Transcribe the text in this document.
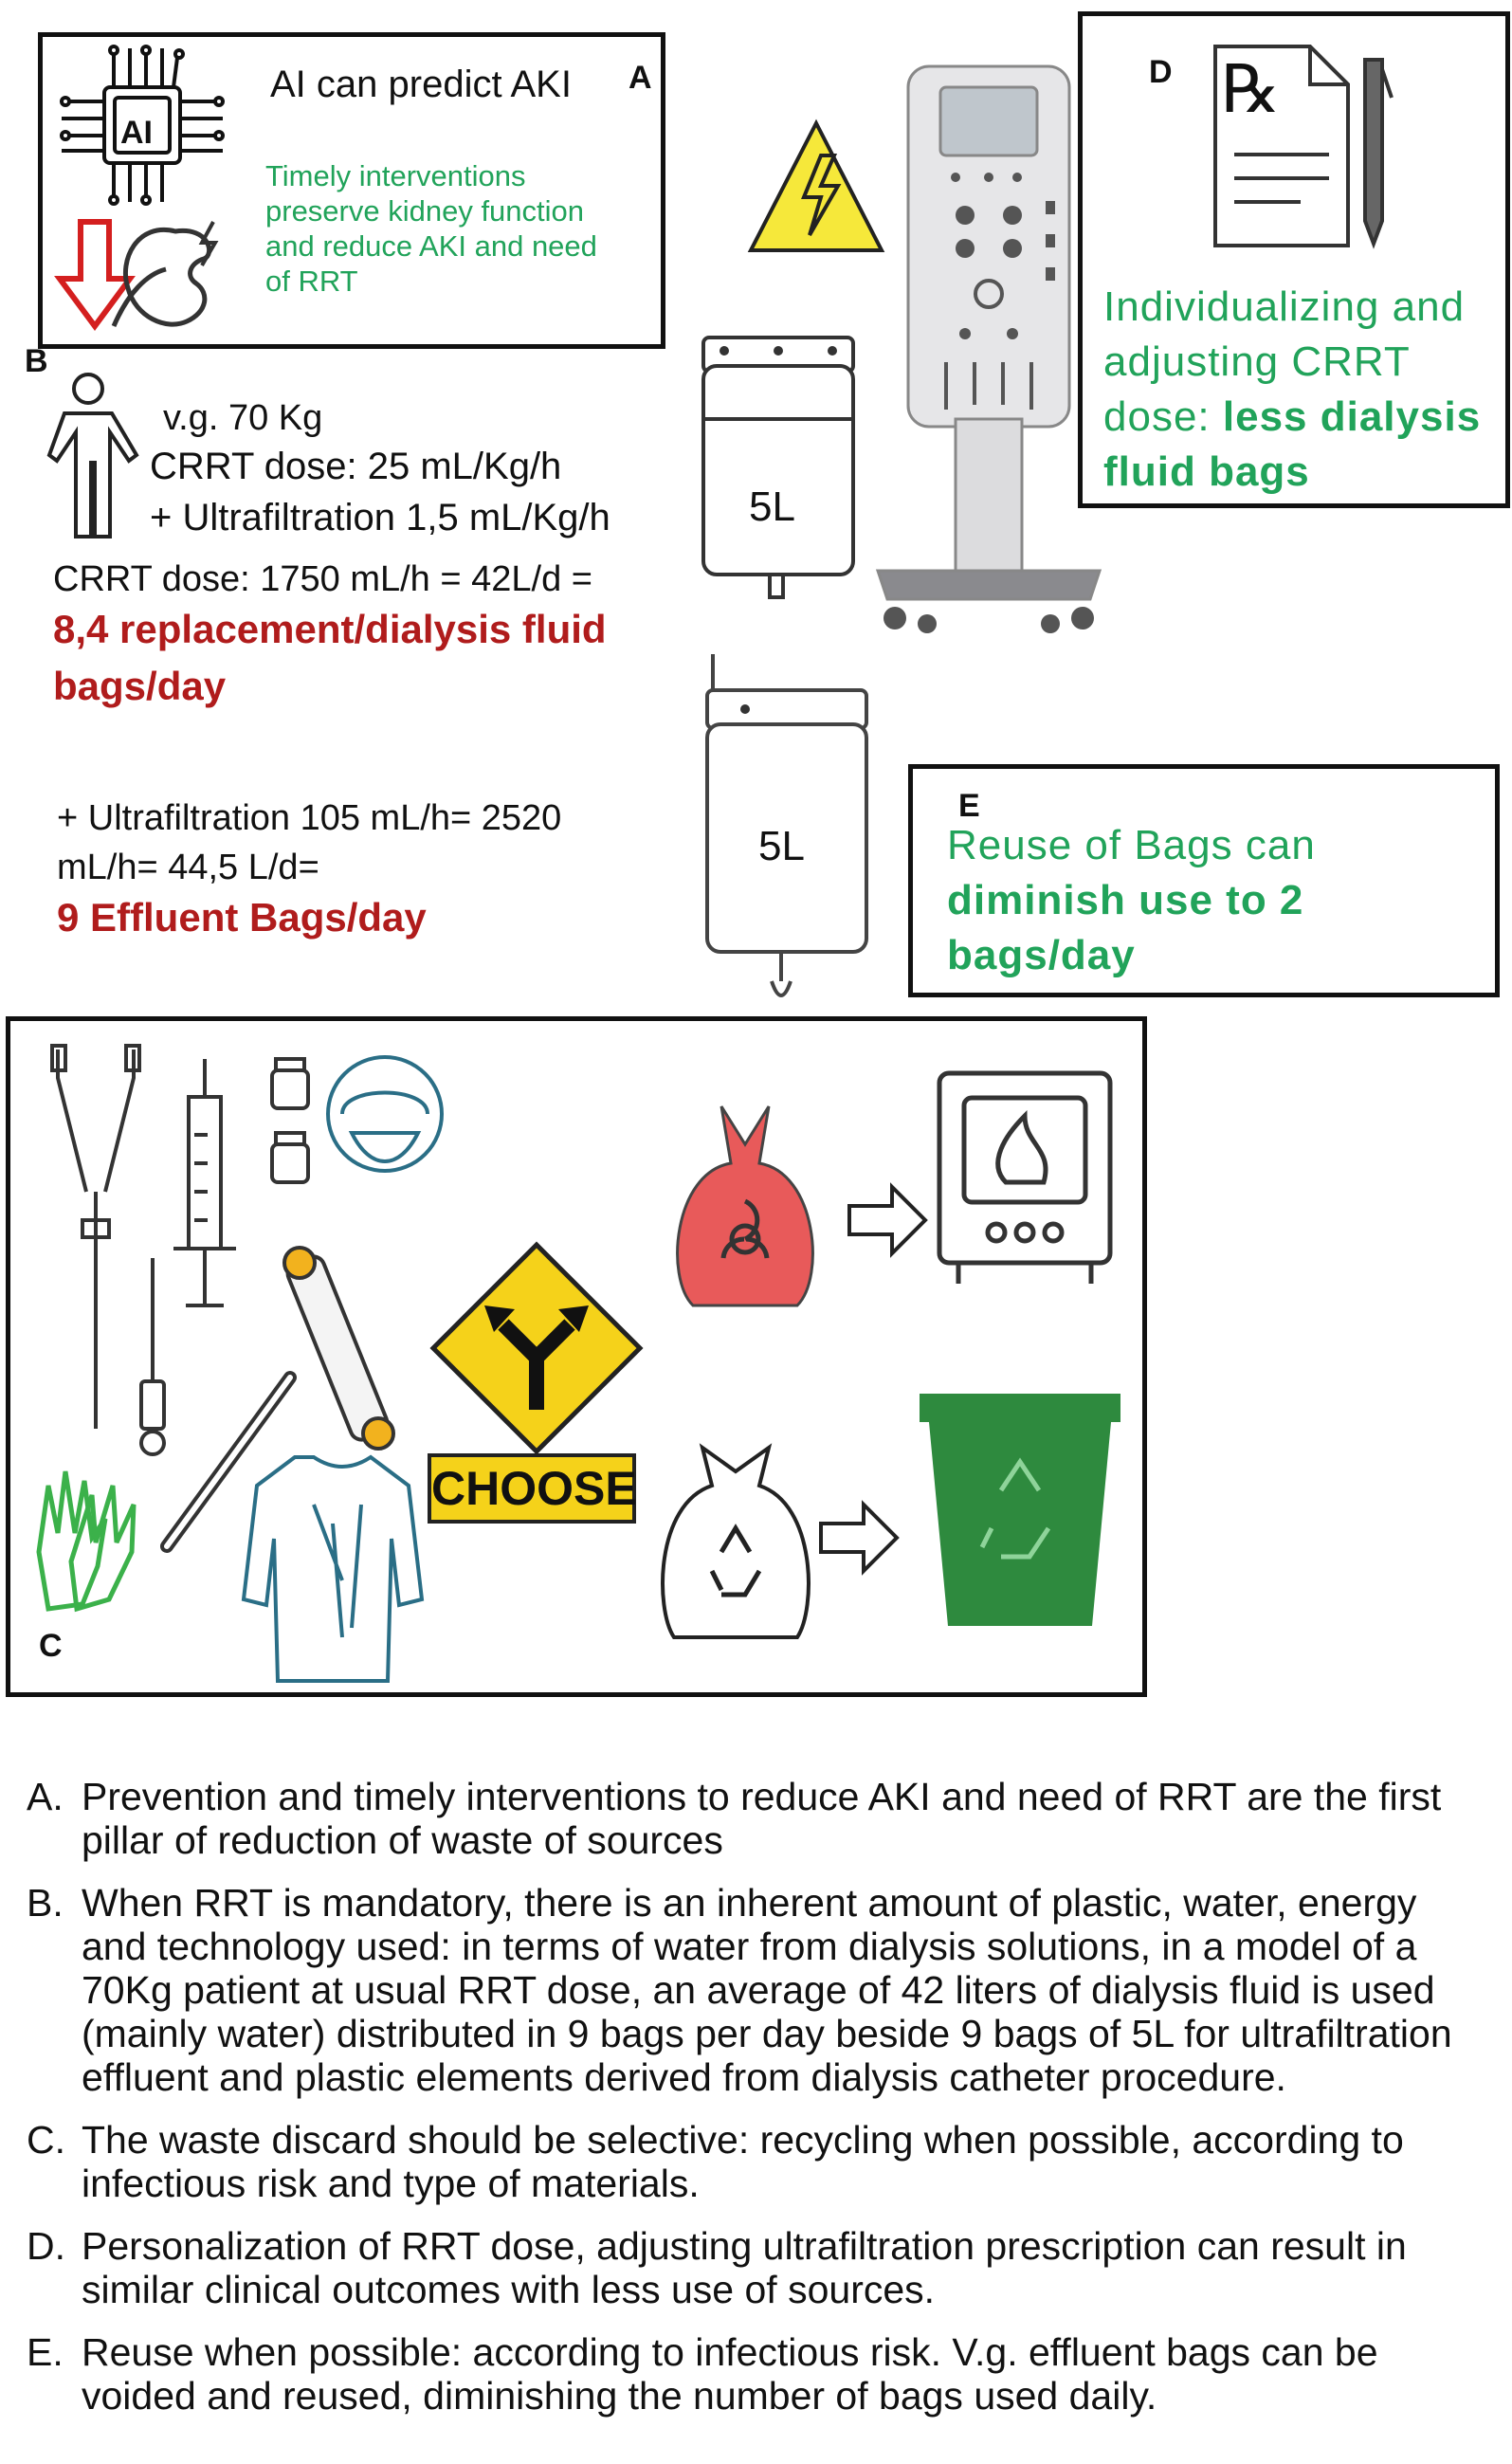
AI can predict AKI A
Timely interventions
preserve kidney function
and reduce AKI and need
of RRT
AI
B
v.g. 70 Kg
CRRT dose: 25 mL/Kg/h
+ Ultrafiltration 1,5 mL/Kg/h
CRRT dose: 1750 mL/h = 42L/d =
8,4 replacement/dialysis fluid
bags/day
+ Ultrafiltration 105 mL/h= 2520
mL/h= 44,5 L/d=
9 Effluent Bags/day
5L
5L
D ℞
Individualizing and
adjusting CRRT
dose: less dialysis
fluid bags
E
Reuse of Bags can
diminish use to 2
bags/day
C
CHOOSE
A. Prevention and timely interventions to reduce AKI and need of RRT are the first pillar of reduction of waste of sources
B. When RRT is mandatory, there is an inherent amount of plastic, water, energy and technology used: in terms of water from dialysis solutions, in a model of a 70Kg patient at usual RRT dose, an average of 42 liters of dialysis fluid is used (mainly water) distributed in 9 bags per day beside 9 bags of 5L for ultrafiltration effluent and plastic elements derived from dialysis catheter procedure.
C. The waste discard should be selective: recycling when possible, according to infectious risk and type of materials.
D. Personalization of RRT dose, adjusting ultrafiltration prescription can result in similar clinical outcomes with less use of sources.
E. Reuse when possible: according to infectious risk. V.g. effluent bags can be voided and reused, diminishing the number of bags used daily.
